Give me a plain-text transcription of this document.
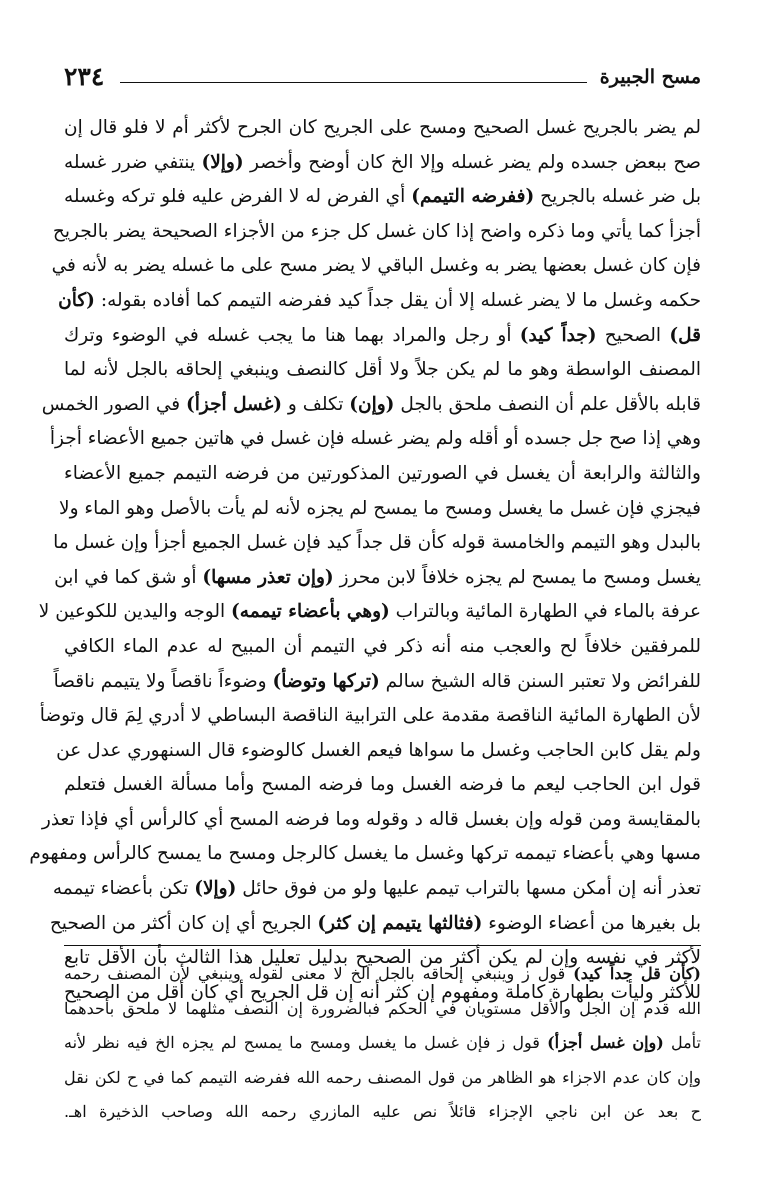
٢٣٤	مسح الجبيرة
لم يضر بالجريح غسل الصحيح ومسح على الجريح كان الجرح لأكثر أم لا فلو قال إن
صح ببعض جسده ولم يضر غسله وإلا الخ كان أوضح وأخصر (وإلا) ينتفي ضرر غسله
بل ضر غسله بالجريح (ففرضه التيمم) أي الفرض له لا الفرض عليه فلو تركه وغسله
أجزأ كما يأتي وما ذكره واضح إذا كان غسل كل جزء من الأجزاء الصحيحة يضر بالجريح
فإن كان غسل بعضها يضر به وغسل الباقي لا يضر مسح على ما غسله يضر به لأنه في
حكمه وغسل ما لا يضر غسله إلا أن يقل جداً كيد ففرضه التيمم كما أفاده بقوله: (كأن
قل) الصحيح (جداً كيد) أو رجل والمراد بهما هنا ما يجب غسله في الوضوء وترك
المصنف الواسطة وهو ما لم يكن جلاً ولا أقل كالنصف وينبغي إلحاقه بالجل لأنه لما
قابله بالأقل علم أن النصف ملحق بالجل (وإن) تكلف و (غسل أجزأ) في الصور الخمس
وهي إذا صح جل جسده أو أقله ولم يضر غسله فإن غسل في هاتين جميع الأعضاء أجزأ
والثالثة والرابعة أن يغسل في الصورتين المذكورتين من فرضه التيمم جميع الأعضاء
فيجزي فإن غسل ما يغسل ومسح ما يمسح لم يجزه لأنه لم يأت بالأصل وهو الماء ولا
بالبدل وهو التيمم والخامسة قوله كأن قل جداً كيد فإن غسل الجميع أجزأ وإن غسل ما
يغسل ومسح ما يمسح لم يجزه خلافاً لابن محرز (وإن تعذر مسها) أو شق كما في ابن
عرفة بالماء في الطهارة المائية وبالتراب (وهي بأعضاء تيممه) الوجه واليدين للكوعين لا
للمرفقين خلافاً لح والعجب منه أنه ذكر في التيمم أن المبيح له عدم الماء الكافي
للفرائض ولا تعتبر السنن قاله الشيخ سالم (تركها وتوضأ) وضوءاً ناقصاً ولا يتيمم ناقصاً
لأن الطهارة المائية الناقصة مقدمة على الترابية الناقصة البساطي لا أدري لِمَ قال وتوضأ
ولم يقل كابن الحاجب وغسل ما سواها فيعم الغسل كالوضوء قال السنهوري عدل عن
قول ابن الحاجب ليعم ما فرضه الغسل وما فرضه المسح وأما مسألة الغسل فتعلم
بالمقايسة ومن قوله وإن بغسل قاله د وقوله وما فرضه المسح أي كالرأس أي فإذا تعذر
مسها وهي بأعضاء تيممه تركها وغسل ما يغسل كالرجل ومسح ما يمسح كالرأس ومفهوم
تعذر أنه إن أمكن مسها بالتراب تيمم عليها ولو من فوق حائل (وإلا) تكن بأعضاء تيممه
بل بغيرها من أعضاء الوضوء (فثالثها يتيمم إن كثر) الجريح أي إن كان أكثر من الصحيح
لأكثر في نفسه وإن لم يكن أكثر من الصحيح بدليل تعليل هذا الثالث بأن الأقل تابع
للأكثر وليأت بطهارة كاملة ومفهوم إن كثر أنه إن قل الجريح أي كان أقل من الصحيح
(كأن قل جداً كيد) قول ز وينبغي إلحاقه بالجل الخ لا معنى لقوله وينبغي لأن المصنف رحمه
الله قدم إن الجل والأقل مستويان في الحكم فبالضرورة إن النصف مثلهما لا ملحق بأحدهما
تأمل (وإن غسل أجزأ) قول ز فإن غسل ما يغسل ومسح ما يمسح لم يجزه الخ فيه نظر لأنه
وإن كان عدم الاجزاء هو الظاهر من قول المصنف رحمه الله ففرضه التيمم كما في ح لكن نقل
ح بعد عن ابن ناجي الإجزاء قائلاً نص عليه المازري رحمه الله وصاحب الذخيرة اهـ.
